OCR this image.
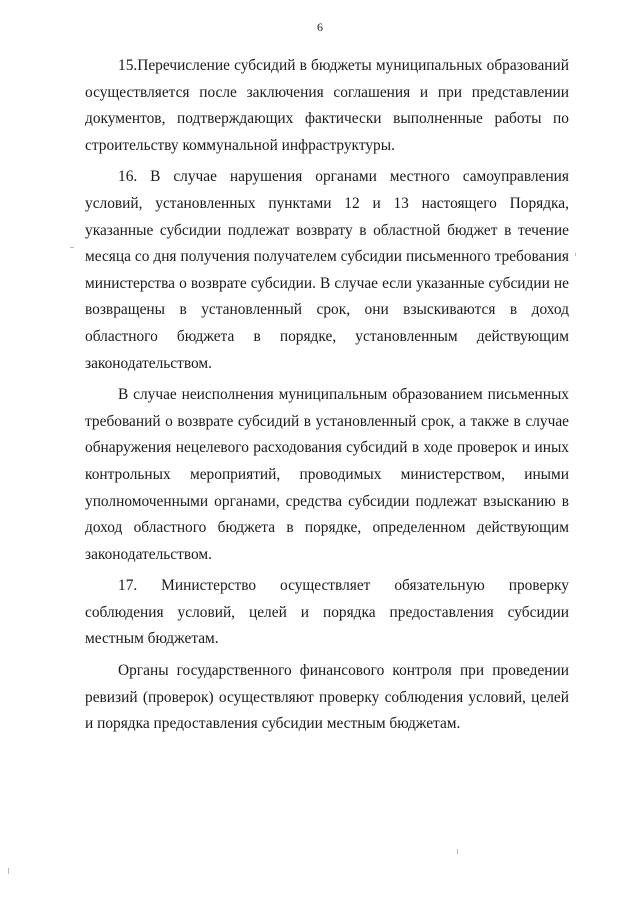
6

15.Перечисление субсидий в бюджеты муниципальных образований осуществляется после заключения соглашения и при представлении документов, подтверждающих фактически выполненные работы по строительству коммунальной инфраструктуры.

16. В случае нарушения органами местного самоуправления условий, установленных пунктами 12 и 13 настоящего Порядка, указанные субсидии подлежат возврату в областной бюджет в течение месяца со дня получения получателем субсидии письменного требования министерства о возврате субсидии. В случае если указанные субсидии не возвращены в установленный срок, они взыскиваются в доход областного бюджета в порядке, установленным действующим законодательством.

В случае неисполнения муниципальным образованием письменных требований о возврате субсидий в установленный срок, а также в случае обнаружения нецелевого расходования субсидий в ходе проверок и иных контрольных мероприятий, проводимых министерством, иными уполномоченными органами, средства субсидии подлежат взысканию в доход областного бюджета в порядке, определенном действующим законодательством.

17. Министерство осуществляет обязательную проверку соблюдения условий, целей и порядка предоставления субсидии местным бюджетам.

Органы государственного финансового контроля при проведении ревизий (проверок) осуществляют проверку соблюдения условий, целей и порядка предоставления субсидии местным бюджетам.
